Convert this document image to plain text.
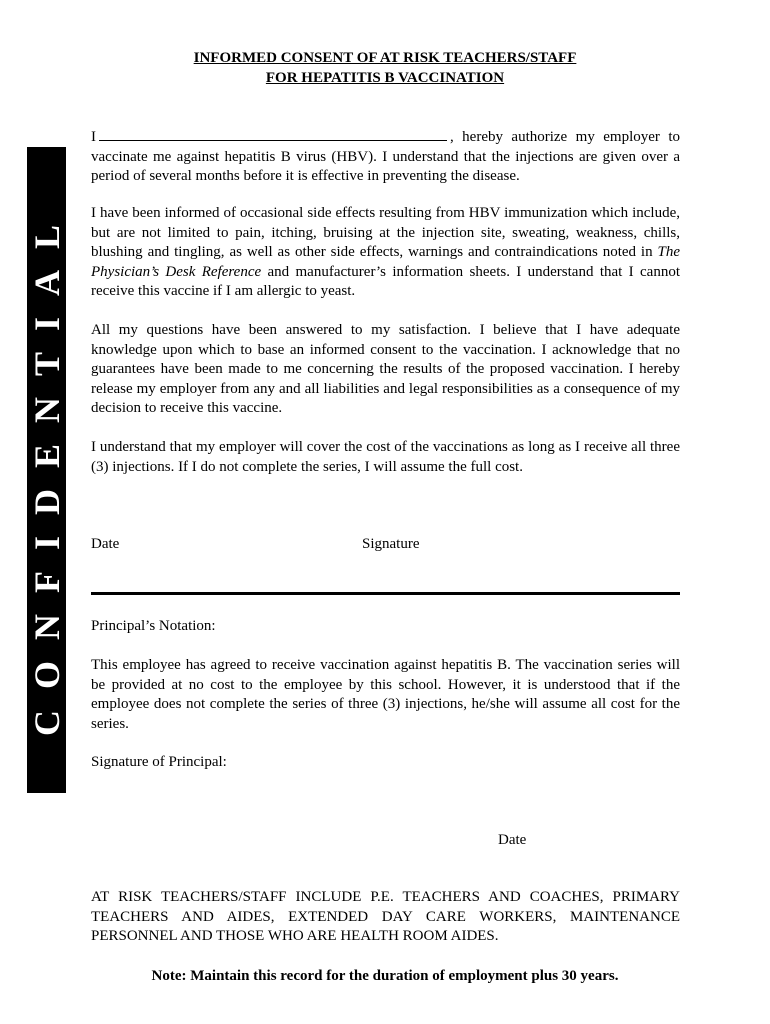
INFORMED CONSENT OF AT RISK TEACHERS/STAFF
FOR HEPATITIS B VACCINATION
CONFIDENTIAL

I	, hereby authorize my employer to vaccinate me against hepatitis B virus (HBV). I understand that the injections are given over a period of several months before it is effective in preventing the disease.

I have been informed of occasional side effects resulting from HBV immunization which include, but are not limited to pain, itching, bruising at the injection site, sweating, weakness, chills, blushing and tingling, as well as other side effects, warnings and contraindications noted in The Physician’s Desk Reference and manufacturer’s information sheets. I understand that I cannot receive this vaccine if I am allergic to yeast.

All my questions have been answered to my satisfaction. I believe that I have adequate knowledge upon which to base an informed consent to the vaccination. I acknowledge that no guarantees have been made to me concerning the results of the proposed vaccination. I hereby release my employer from any and all liabilities and legal responsibilities as a consequence of my decision to receive this vaccine.

I understand that my employer will cover the cost of the vaccinations as long as I receive all three (3) injections. If I do not complete the series, I will assume the full cost.

Date	Signature
Principal’s Notation:

This employee has agreed to receive vaccination against hepatitis B. The vaccination series will be provided at no cost to the employee by this school. However, it is understood that if the employee does not complete the series of three (3) injections, he/she will assume all cost for the series.

Signature of Principal:
Date

AT RISK TEACHERS/STAFF INCLUDE P.E. TEACHERS AND COACHES, PRIMARY TEACHERS AND AIDES, EXTENDED DAY CARE WORKERS, MAINTENANCE PERSONNEL AND THOSE WHO ARE HEALTH ROOM AIDES.

Note: Maintain this record for the duration of employment plus 30 years.
